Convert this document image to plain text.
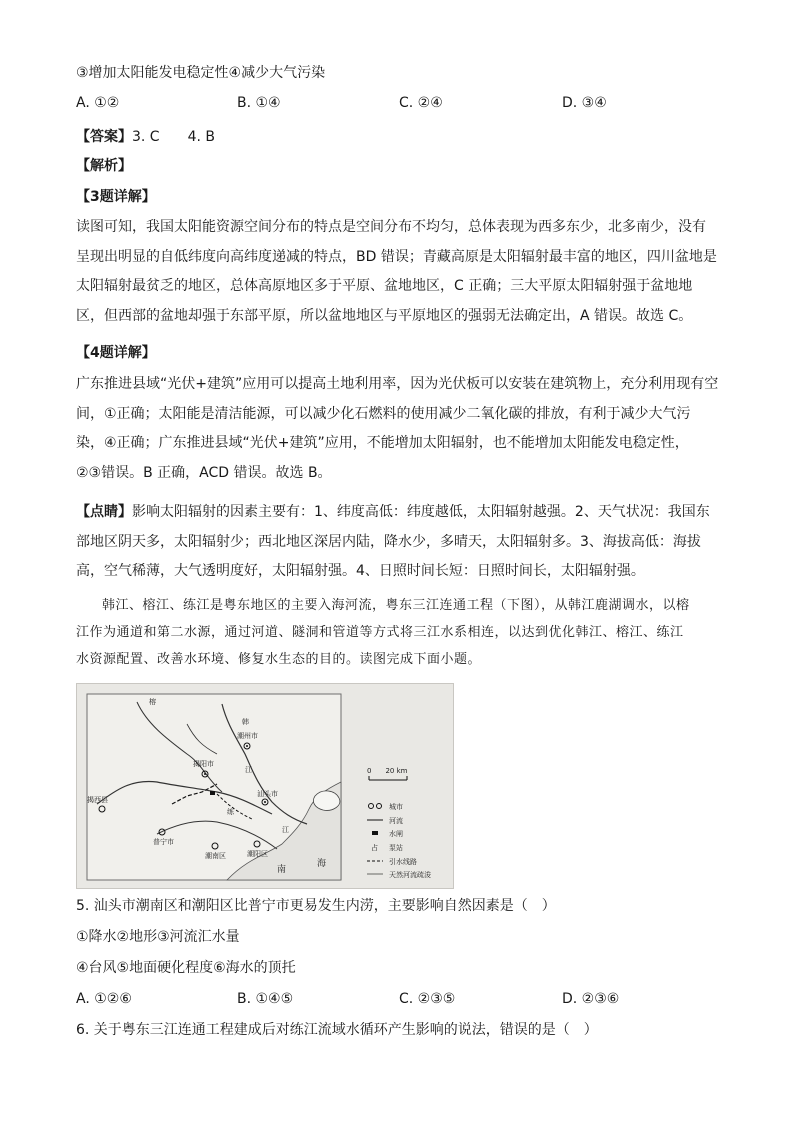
③增加太阳能发电稳定性④减少大气污染
A. ①②	B. ①④	C. ②④	D. ③④
【答案】3. C　　4. B
【解析】
【3题详解】
读图可知，我国太阳能资源空间分布的特点是空间分布不均匀，总体表现为西多东少，北多南少，没有
呈现出明显的自低纬度向高纬度递减的特点，BD 错误；青藏高原是太阳辐射最丰富的地区，四川盆地是
太阳辐射最贫乏的地区，总体高原地区多于平原、盆地地区，C 正确；三大平原太阳辐射强于盆地地
区，但西部的盆地却强于东部平原，所以盆地地区与平原地区的强弱无法确定出，A 错误。故选 C。
【4题详解】
广东推进县域“光伏+建筑”应用可以提高土地利用率，因为光伏板可以安装在建筑物上，充分利用现有空
间，①正确；太阳能是清洁能源，可以减少化石燃料的使用减少二氧化碳的排放，有利于减少大气污
染，④正确；广东推进县域“光伏+建筑”应用，不能增加太阳辐射，也不能增加太阳能发电稳定性，
②③错误。B 正确，ACD 错误。故选 B。
【点睛】影响太阳辐射的因素主要有：1、纬度高低：纬度越低，太阳辐射越强。2、天气状况：我国东
部地区阴天多，太阳辐射少；西北地区深居内陆，降水少，多晴天，太阳辐射多。3、海拔高低：海拔
高，空气稀薄，大气透明度好，太阳辐射强。4、日照时间长短：日照时间长，太阳辐射强。
韩江、榕江、练江是粤东地区的主要入海河流，粤东三江连通工程（下图），从韩江鹿湖调水，以榕
江作为通道和第二水源，通过河道、隧洞和管道等方式将三江水系相连，以达到优化韩江、榕江、练江
水资源配置、改善水环境、修复水生态的目的。读图完成下面小题。
揭阳市
潮州市
汕头市
普宁市
潮阳区
潮南区
揭西县
韩
江
榕
练
江
南
海
0　　20 km
城市
河流
水闸
占 泵站
引水线路
天然河流疏浚
5. 汕头市潮南区和潮阳区比普宁市更易发生内涝，主要影响自然因素是（　）
①降水②地形③河流汇水量
④台风⑤地面硬化程度⑥海水的顶托
A. ①②⑥	B. ①④⑤	C. ②③⑤	D. ②③⑥
6. 关于粤东三江连通工程建成后对练江流域水循环产生影响的说法，错误的是（　）
